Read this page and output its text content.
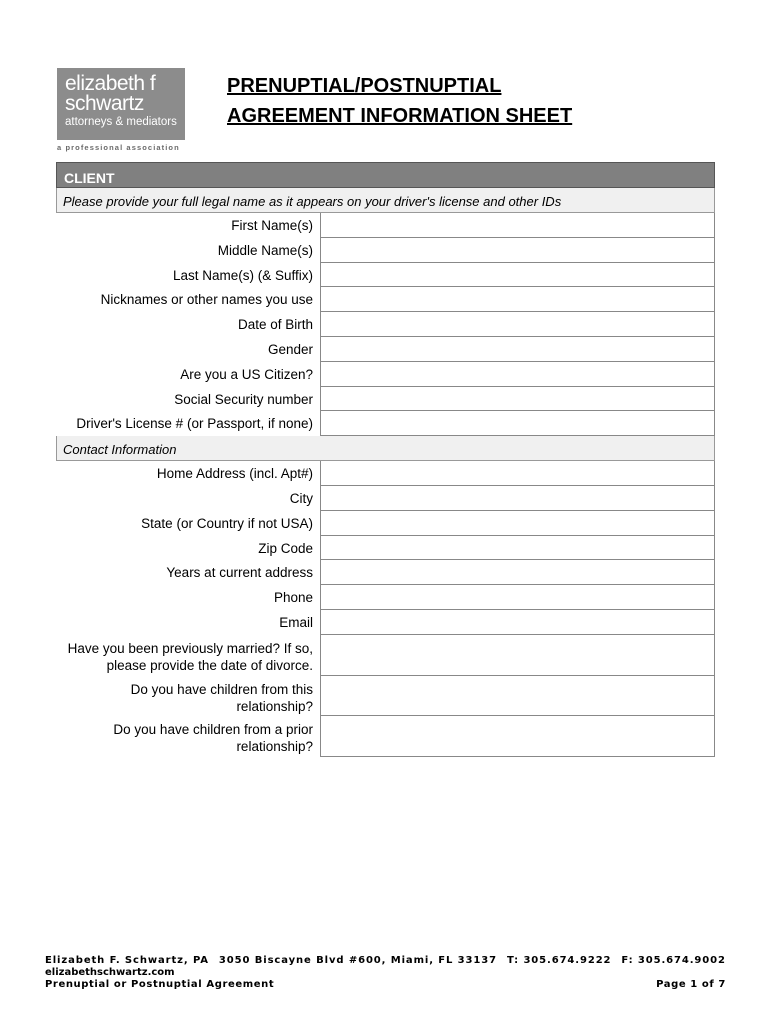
elizabeth f
schwartz
attorneys & mediators
a professional association
PRENUPTIAL/POSTNUPTIAL
AGREEMENT INFORMATION SHEET
CLIENT
Please provide your full legal name as it appears on your driver's license and other IDs
First Name(s)
Middle Name(s)
Last Name(s) (& Suffix)
Nicknames or other names you use
Date of Birth
Gender
Are you a US Citizen?
Social Security number
Driver's License # (or Passport, if none)
Contact Information
Home Address (incl. Apt#)
City
State (or Country if not USA)
Zip Code
Years at current address
Phone
Email
Have you been previously married? If so, please provide the date of divorce.
Do you have children from this relationship?
Do you have children from a prior relationship?
Elizabeth F. Schwartz, PA 3050 Biscayne Blvd #600, Miami, FL 33137 T: 305.674.9222 F: 305.674.9002
elizabethschwartz.com
Prenuptial or Postnuptial Agreement	Page 1 of 7
